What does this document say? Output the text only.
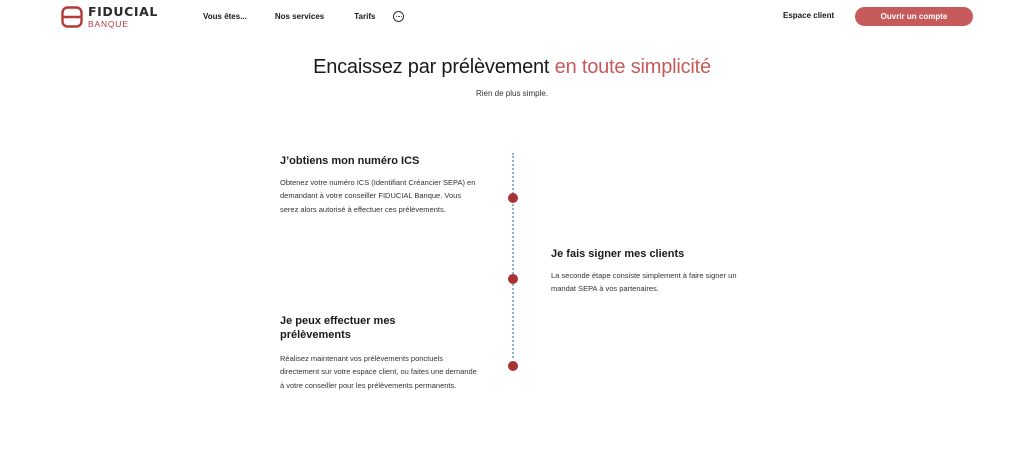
FIDUCIAL
BANQUE
Vous êtes...	Nos services	Tarifs	Espace client	Ouvrir un compte
Encaissez par prélèvement en toute simplicité
Rien de plus simple.
J’obtiens mon numéro ICS

Obtenez votre numéro ICS (Identifiant Créancier SEPA) en demandant à votre conseiller FIDUCIAL Banque. Vous serez alors autorisé à effectuer ces prélèvements.

Je fais signer mes clients

La seconde étape consiste simplement à faire signer un mandat SEPA à vos partenaires.

Je peux effectuer mes prélèvements

Réalisez maintenant vos prélèvements ponctuels directement sur votre espace client, ou faites une demande à votre conseiller pour les prélèvements permanents.
